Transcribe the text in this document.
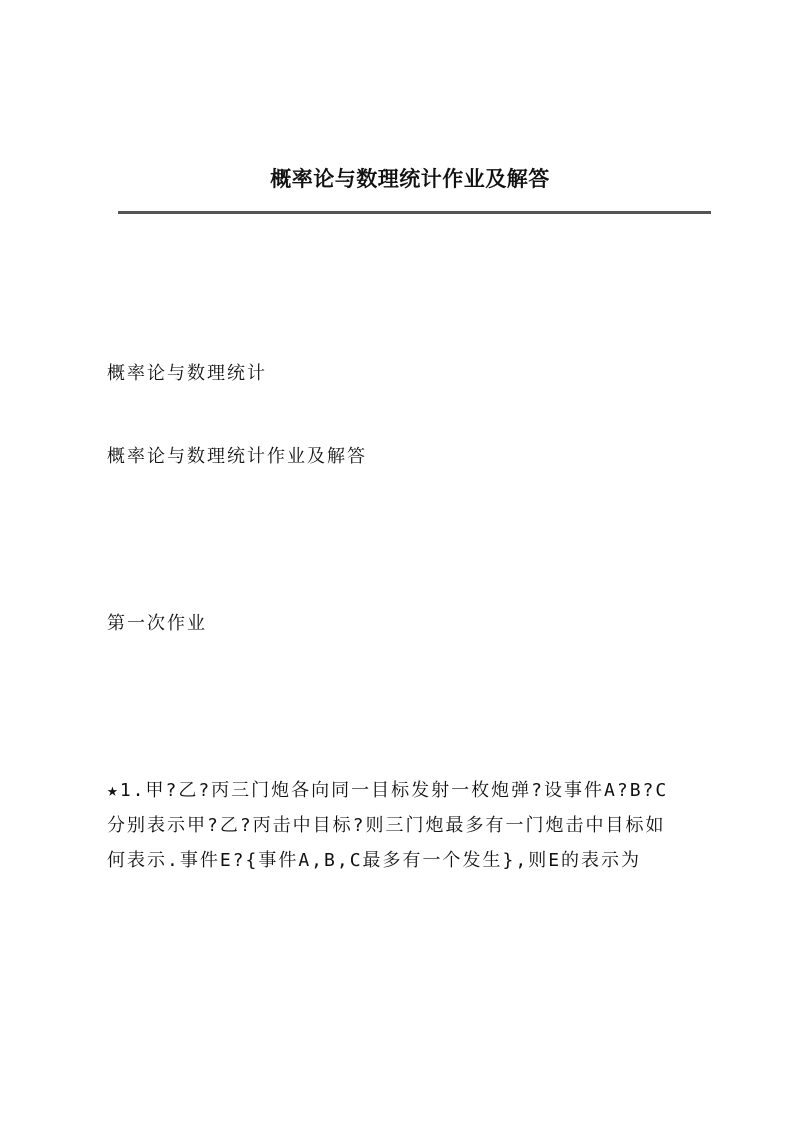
概率论与数理统计作业及解答
概率论与数理统计
概率论与数理统计作业及解答
第一次作业
★1.甲?乙?丙三门炮各向同一目标发射一枚炮弹?设事件A?B?C
分别表示甲?乙?丙击中目标?则三门炮最多有一门炮击中目标如
何表示.事件E?{事件A,B,C最多有一个发生},则E的表示为
